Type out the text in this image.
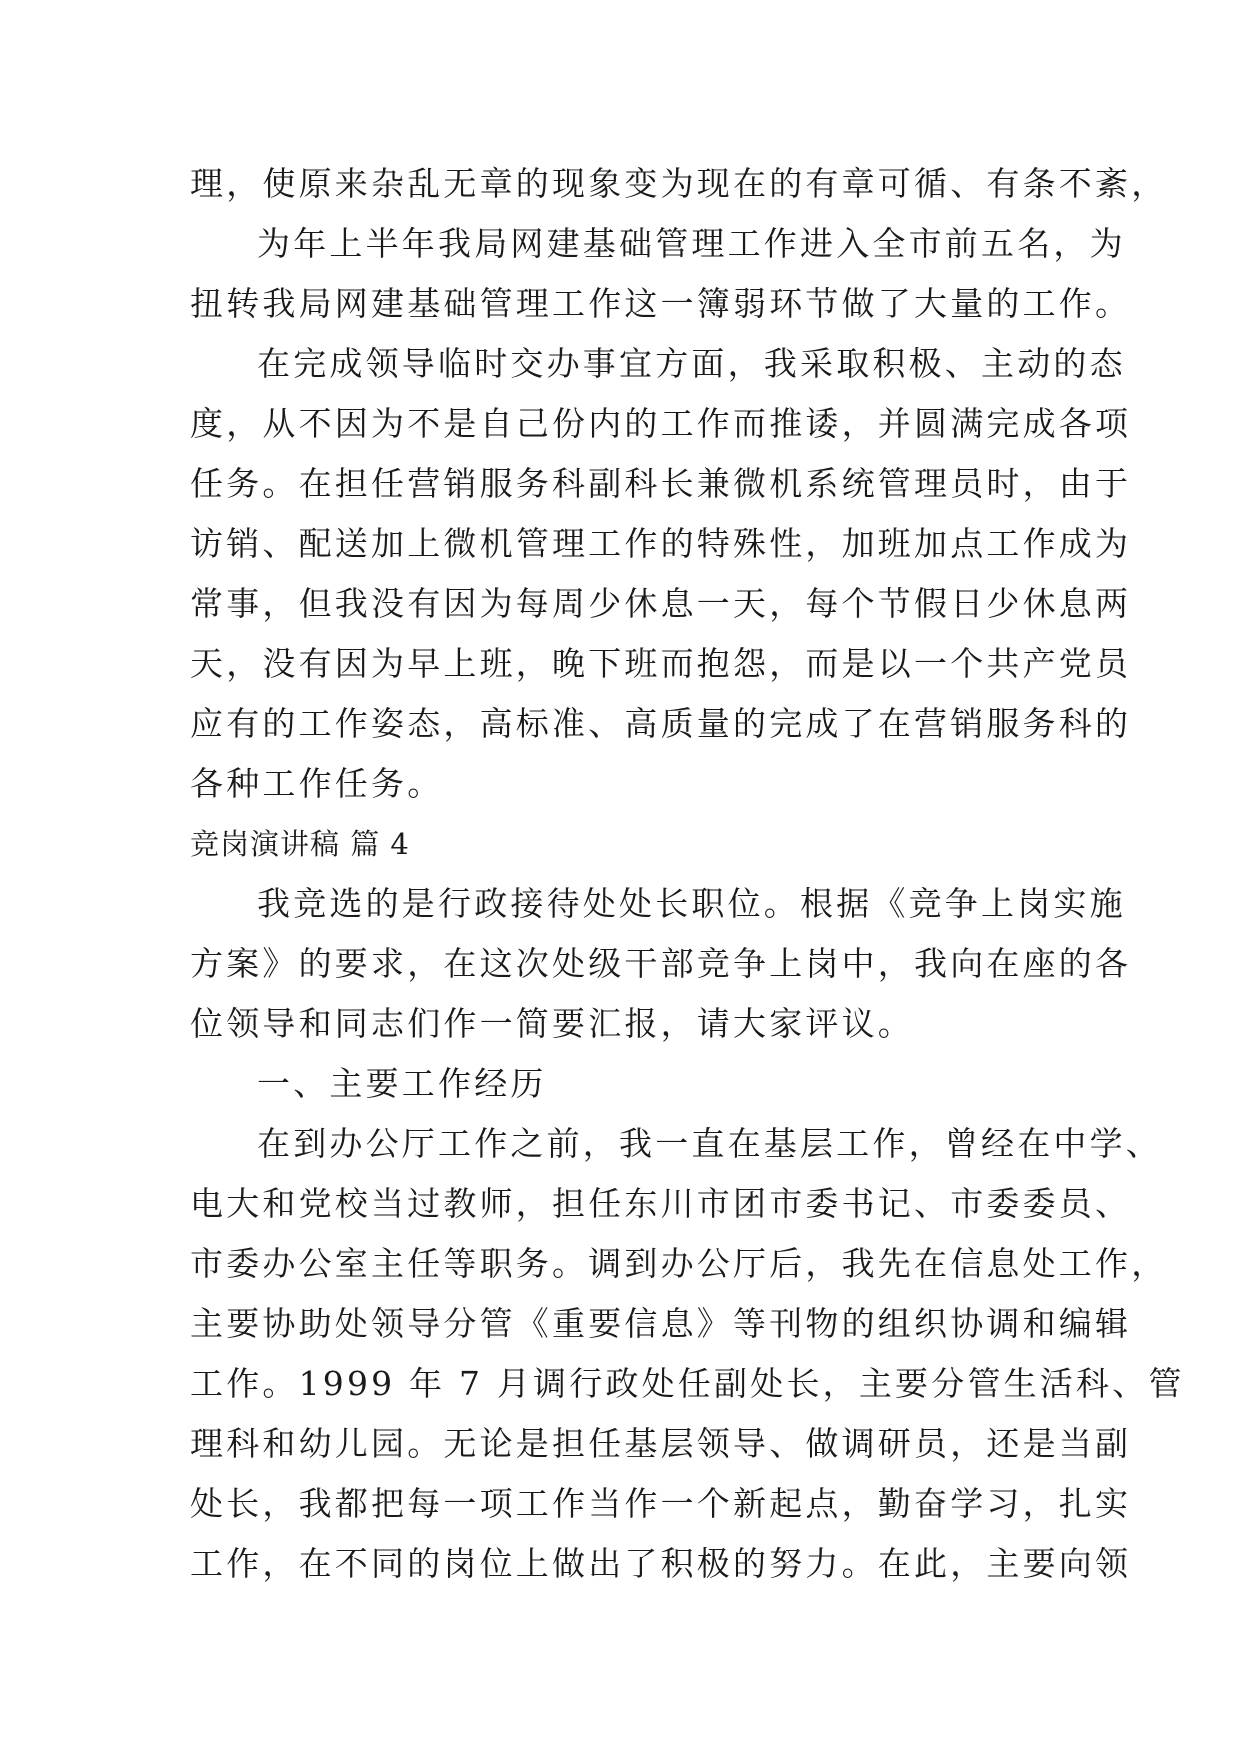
理，使原来杂乱无章的现象变为现在的有章可循、有条不紊，
为年上半年我局网建基础管理工作进入全市前五名，为
扭转我局网建基础管理工作这一簿弱环节做了大量的工作。
在完成领导临时交办事宜方面，我采取积极、主动的态
度，从不因为不是自己份内的工作而推诿，并圆满完成各项
任务。在担任营销服务科副科长兼微机系统管理员时，由于
访销、配送加上微机管理工作的特殊性，加班加点工作成为
常事，但我没有因为每周少休息一天，每个节假日少休息两
天，没有因为早上班，晚下班而抱怨，而是以一个共产党员
应有的工作姿态，高标准、高质量的完成了在营销服务科的
各种工作任务。
竞岗演讲稿 篇 4
我竞选的是行政接待处处长职位。根据《竞争上岗实施
方案》的要求，在这次处级干部竞争上岗中，我向在座的各
位领导和同志们作一简要汇报，请大家评议。
一、主要工作经历
在到办公厅工作之前，我一直在基层工作，曾经在中学、
电大和党校当过教师，担任东川市团市委书记、市委委员、
市委办公室主任等职务。调到办公厅后，我先在信息处工作，
主要协助处领导分管《重要信息》等刊物的组织协调和编辑
工作。1999 年 7 月调行政处任副处长，主要分管生活科、管
理科和幼儿园。无论是担任基层领导、做调研员，还是当副
处长，我都把每一项工作当作一个新起点，勤奋学习，扎实
工作，在不同的岗位上做出了积极的努力。在此，主要向领
